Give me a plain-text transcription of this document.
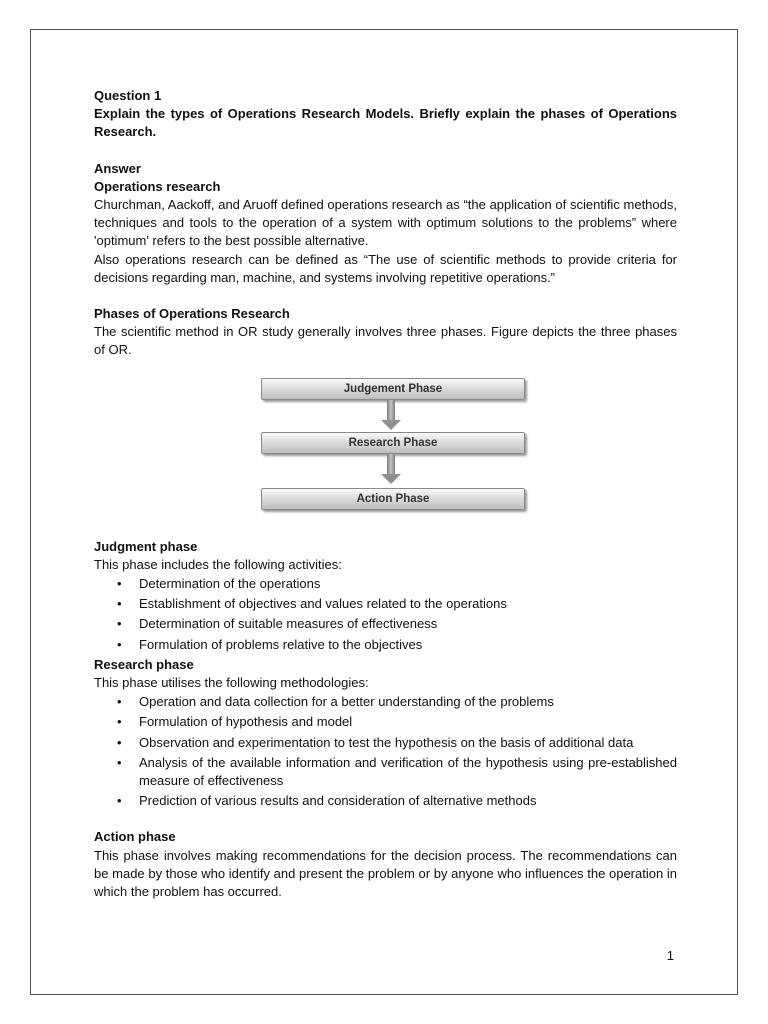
Question 1

Explain the types of Operations Research Models. Briefly explain the phases of Operations Research.

Answer

Operations research

Churchman, Aackoff, and Aruoff defined operations research as “the application of scientific methods, techniques and tools to the operation of a system with optimum solutions to the problems” where 'optimum' refers to the best possible alternative.

Also operations research can be defined as “The use of scientific methods to provide criteria for decisions regarding man, machine, and systems involving repetitive operations.”

Phases of Operations Research

The scientific method in OR study generally involves three phases. Figure depicts the three phases of OR.

Judgement Phase
Research Phase
Action Phase

Judgment phase

This phase includes the following activities:

• Determination of the operations
• Establishment of objectives and values related to the operations
• Determination of suitable measures of effectiveness
• Formulation of problems relative to the objectives

Research phase

This phase utilises the following methodologies:

• Operation and data collection for a better understanding of the problems
• Formulation of hypothesis and model
• Observation and experimentation to test the hypothesis on the basis of additional data
• Analysis of the available information and verification of the hypothesis using pre-established measure of effectiveness
• Prediction of various results and consideration of alternative methods

Action phase

This phase involves making recommendations for the decision process. The recommendations can be made by those who identify and present the problem or by anyone who influences the operation in which the problem has occurred.

1
